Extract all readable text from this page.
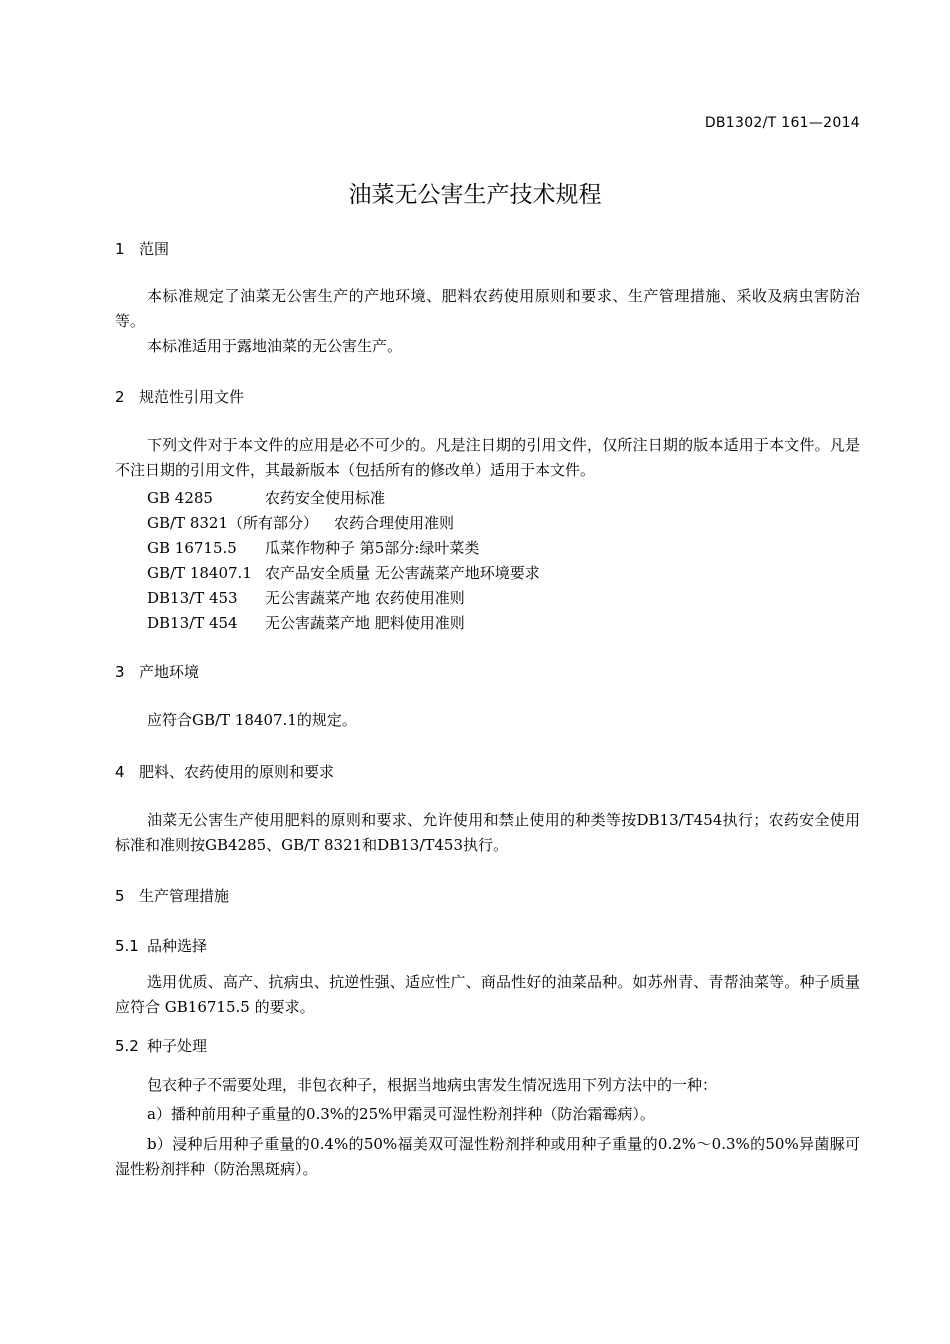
DB1302/T 161—2014
油菜无公害生产技术规程
1 范围
本标准规定了油菜无公害生产的产地环境、肥料农药使用原则和要求、生产管理措施、采收及病虫害防治等。
本标准适用于露地油菜的无公害生产。
2 规范性引用文件
下列文件对于本文件的应用是必不可少的。凡是注日期的引用文件，仅所注日期的版本适用于本文件。凡是不注日期的引用文件，其最新版本（包括所有的修改单）适用于本文件。
GB 4285	农药安全使用标准
GB/T 8321（所有部分） 农药合理使用准则
GB 16715.5 瓜菜作物种子 第5部分:绿叶菜类
GB/T 18407.1 农产品安全质量 无公害蔬菜产地环境要求
DB13/T 453 无公害蔬菜产地 农药使用准则
DB13/T 454 无公害蔬菜产地 肥料使用准则
3 产地环境
应符合GB/T 18407.1的规定。
4 肥料、农药使用的原则和要求
油菜无公害生产使用肥料的原则和要求、允许使用和禁止使用的种类等按DB13/T454执行；农药安全使用标准和准则按GB4285、GB/T 8321和DB13/T453执行。
5 生产管理措施
5.1 品种选择
选用优质、高产、抗病虫、抗逆性强、适应性广、商品性好的油菜品种。如苏州青、青帮油菜等。种子质量应符合 GB16715.5 的要求。
5.2 种子处理
包衣种子不需要处理，非包衣种子，根据当地病虫害发生情况选用下列方法中的一种：
a）播种前用种子重量的0.3%的25%甲霜灵可湿性粉剂拌种（防治霜霉病）。
b）浸种后用种子重量的0.4%的50%福美双可湿性粉剂拌种或用种子重量的0.2%～0.3%的50%异菌脲可湿性粉剂拌种（防治黑斑病）。
